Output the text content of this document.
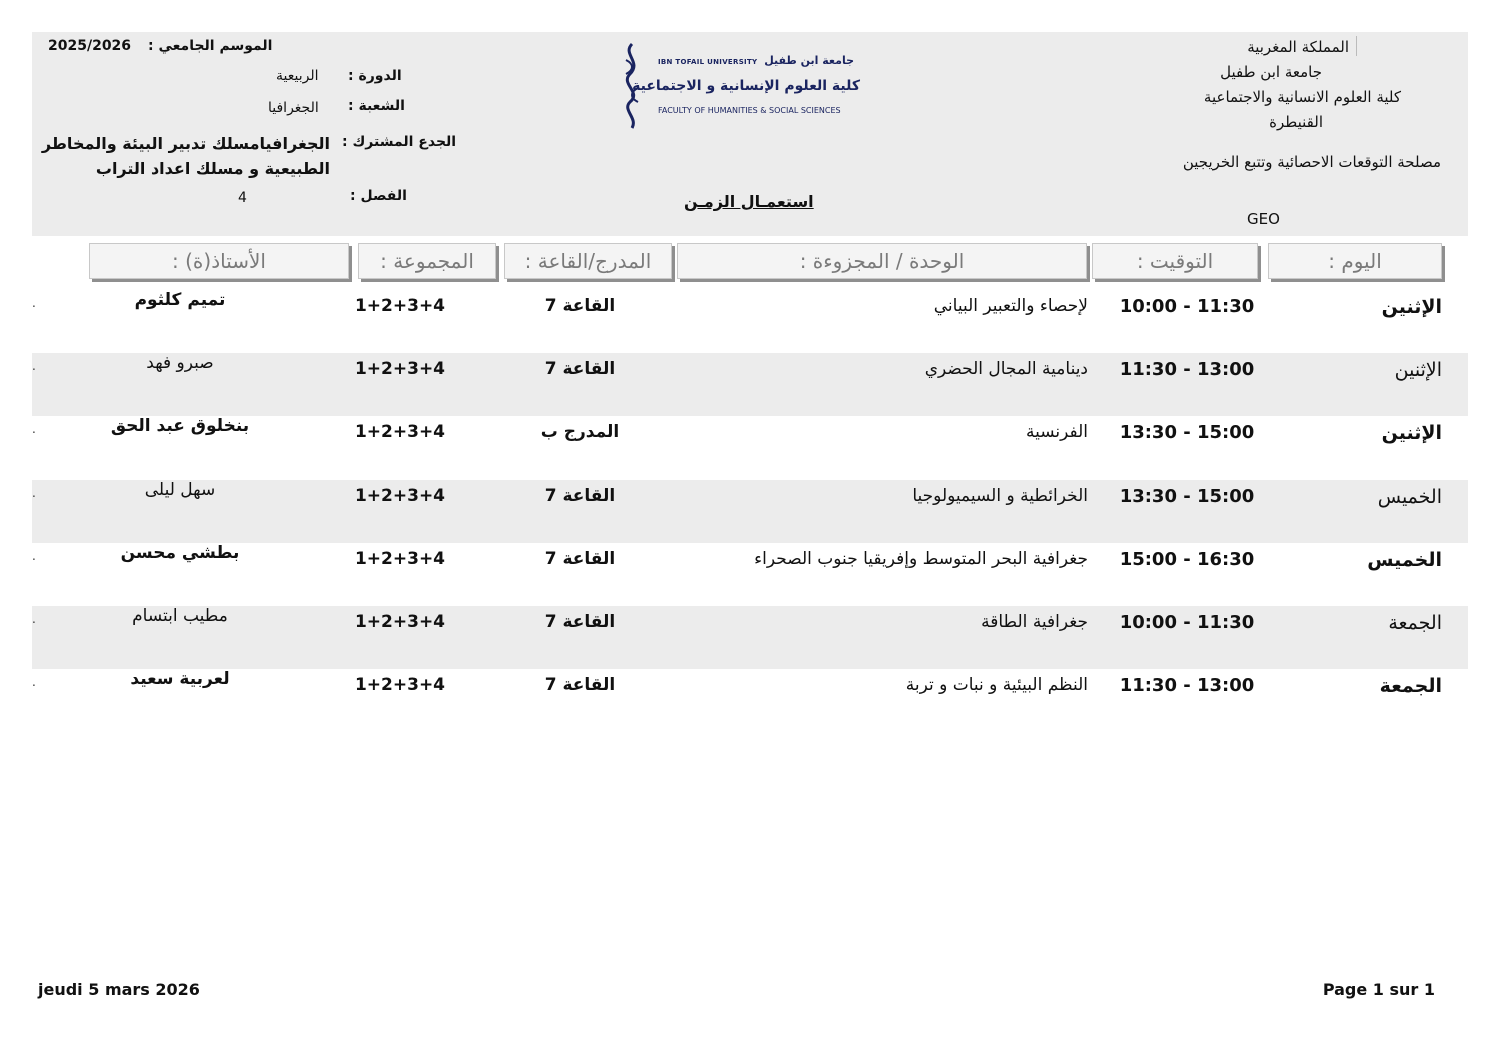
المملكة المغربية
جامعة ابن طفيل
كلية العلوم الانسانية والاجتماعية
القنيطرة
مصلحة التوقعات الاحصائية وتتبع الخريجين
GEO
IBN TOFAIL UNIVERSITY جامعة ابن طفيل
كلية العلوم الإنسانية و الاجتماعية
FACULTY OF HUMANITIES & SOCIAL SCIENCES
استعمـال الزمـن
الموسم الجامعي :
2025/2026
الدورة :
الربيعية
الشعبة :
الجغرافيا
الجدع المشترك :
الجغرافيامسلك تدبير البيئة والمخاطر
الطبيعية و مسلك اعداد التراب
الفصل :
4
اليوم :
التوقيت :
الوحدة / المجزوءة :
المدرج/القاعة :
المجموعة :
الأستاذ(ة) :
الإثنين
10:00 - 11:30
لإحصاء والتعبير البياني
القاعة 7
1+2+3+4
تميم كلثوم
.
الإثنين
11:30 - 13:00
دينامية المجال الحضري
القاعة 7
1+2+3+4
صبرو فهد
.
الإثنين
13:30 - 15:00
الفرنسية
المدرج ب
1+2+3+4
بنخلوق عبد الحق
.
الخميس
13:30 - 15:00
الخرائطية و السيميولوجيا
القاعة 7
1+2+3+4
سهل ليلى
.
الخميس
15:00 - 16:30
جغرافية البحر المتوسط وإفريقيا جنوب الصحراء
القاعة 7
1+2+3+4
بطشي محسن
.
الجمعة
10:00 - 11:30
جغرافية الطاقة
القاعة 7
1+2+3+4
مطيب ابتسام
.
الجمعة
11:30 - 13:00
النظم البيئية و نبات و تربة
القاعة 7
1+2+3+4
لعربية سعيد
.
jeudi 5 mars 2026	Page 1 sur 1
